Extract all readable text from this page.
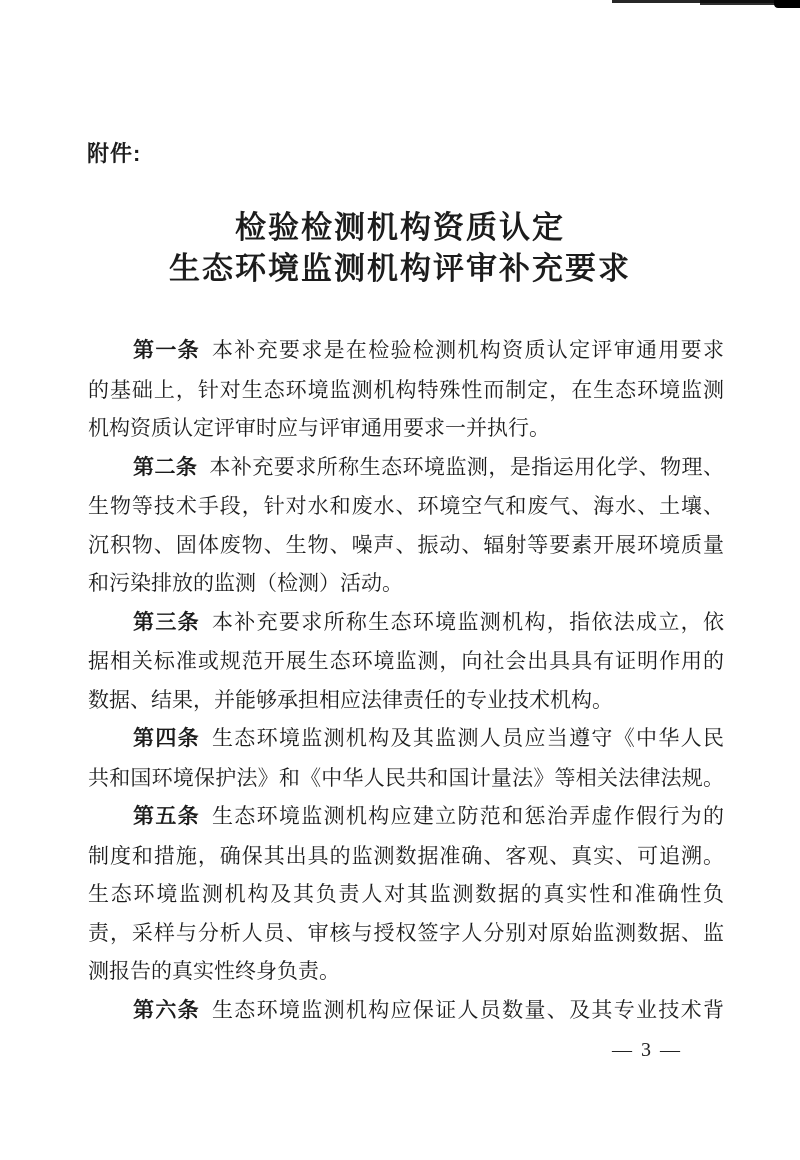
附件:
检验检测机构资质认定
生态环境监测机构评审补充要求
第一条 本补充要求是在检验检测机构资质认定评审通用要求
的基础上，针对生态环境监测机构特殊性而制定，在生态环境监测
机构资质认定评审时应与评审通用要求一并执行。
第二条 本补充要求所称生态环境监测，是指运用化学、物理、
生物等技术手段，针对水和废水、环境空气和废气、海水、土壤、
沉积物、固体废物、生物、噪声、振动、辐射等要素开展环境质量
和污染排放的监测（检测）活动。
第三条 本补充要求所称生态环境监测机构，指依法成立，依
据相关标准或规范开展生态环境监测，向社会出具具有证明作用的
数据、结果，并能够承担相应法律责任的专业技术机构。
第四条 生态环境监测机构及其监测人员应当遵守《中华人民
共和国环境保护法》和《中华人民共和国计量法》等相关法律法规。
第五条 生态环境监测机构应建立防范和惩治弄虚作假行为的
制度和措施，确保其出具的监测数据准确、客观、真实、可追溯。
生态环境监测机构及其负责人对其监测数据的真实性和准确性负
责，采样与分析人员、审核与授权签字人分别对原始监测数据、监
测报告的真实性终身负责。
第六条 生态环境监测机构应保证人员数量、及其专业技术背
— 3 —
